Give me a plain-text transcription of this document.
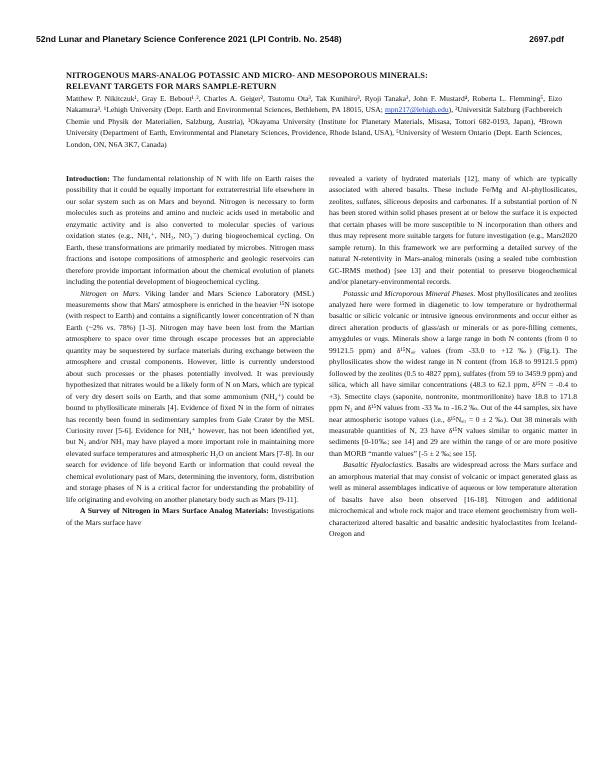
52nd Lunar and Planetary Science Conference 2021 (LPI Contrib. No. 2548)	2697.pdf
NITROGENOUS MARS-ANALOG POTASSIC AND MICRO- AND MESOPOROUS MINERALS:
RELEVANT TARGETS FOR MARS SAMPLE-RETURN
Matthew P. Nikitczuk¹, Gray E. Bebout¹˒², Charles A. Geiger², Tsutomu Ota³, Tak Kunihiro³, Ryoji Tanaka³, John F. Mustard⁴, Roberta L. Flemming⁵, Eizo Nakamura³. ¹Lehigh University (Dept. Earth and Environmental Sciences, Bethlehem, PA 18015, USA; mpn217@lehigh.edu), ²Universität Salzburg (Fachbereich Chemie und Physik der Materialien, Salzburg, Austria), ³Okayama University (Institute for Planetary Materials, Misasa, Tottori 682-0193, Japan), ⁴Brown University (Department of Earth, Environmental and Planetary Sciences, Providence, Rhode Island, USA), ⁵University of Western Ontario (Dept. Earth Sciences, London, ON, N6A 3K7, Canada)

Introduction: The fundamental relationship of N with life on Earth raises the possibility that it could be equally important for extraterrestrial life elsewhere in our solar system such as on Mars and beyond. Nitrogen is necessary to form molecules such as proteins and amino and nucleic acids used in metabolic and enzymatic activity and is also converted to molecular species of various oxidation states (e.g., NH₄⁺, NH₃, NO₃⁻) during biogeochemical cycling. On Earth, these transformations are primarily mediated by microbes. Nitrogen mass fractions and isotope compositions of atmospheric and geologic reservoirs can therefore provide important information about the chemical evolution of planets including the potential development of biogeochemical cycling.

Nitrogen on Mars. Viking lander and Mars Science Laboratory (MSL) measurements show that Mars' atmosphere is enriched in the heavier ¹⁵N isotope (with respect to Earth) and contains a significantly lower concentration of N than Earth (~2% vs. 78%) [1-3]. Nitrogen may have been lost from the Martian atmosphere to space over time through escape processes but an appreciable quantity may be sequestered by surface materials during exchange between the atmosphere and crustal components. However, little is currently understood about such processes or the phases potentially involved. It was previously hypothesized that nitrates would be a likely form of N on Mars, which are typical of very dry desert soils on Earth, and that some ammonium (NH₄⁺) could be bound to phyllosilicate minerals [4]. Evidence of fixed N in the form of nitrates has recently been found in sedimentary samples from Gale Crater by the MSL Curiosity rover [5-6]. Evidence for NH₄⁺ however, has not been identified yet, but N₂ and/or NH₃ may have played a more important role in maintaining more elevated surface temperatures and atmospheric H₂O on ancient Mars [7-8]. In our search for evidence of life beyond Earth or information that could reveal the chemical evolutionary past of Mars, determining the inventory, form, distribution and storage phases of N is a critical factor for understanding the probability of life originating and evolving on another planetary body such as Mars [9-11].

A Survey of Nitrogen in Mars Surface Analog Materials: Investigations of the Mars surface have

revealed a variety of hydrated materials [12], many of which are typically associated with altered basalts. These include Fe/Mg and Al-phyllosilicates, zeolites, sulfates, siliceous deposits and carbonates. If a substantial portion of N has been stored within solid phases present at or below the surface it is expected that certain phases will be more susceptible to N incorporation than others and thus may represent more suitable targets for future investigation (e.g., Mars2020 sample return). In this framework we are performing a detailed survey of the natural N-retentivity in Mars-analog minerals (using a sealed tube combustion GC-IRMS method) [see 13] and their potential to preserve biogeochemical and/or planetary-environmental records.

Potassic and Microporous Mineral Phases. Most phyllosilicates and zeolites analyzed here were formed in diagenetic to low temperature or hydrothermal basaltic or silicic volcanic or intrusive igneous environments and occur either as direct alteration products of glass/ash or minerals or as pore-filling cements, amygdules or vugs. Minerals show a large range in both N contents (from 0 to 99121.5 ppm) and δ¹⁵Nₐᵢᵣ values (from -33.0 to +12 ‰) (Fig.1). The phyllosilicates show the widest range in N content (from 16.8 to 99121.5 ppm) followed by the zeolites (0.5 to 4827 ppm), sulfates (from 59 to 3459.9 ppm) and silica, which all have similar concentrations (48.3 to 62.1 ppm, δ¹⁵N = -0.4 to +3). Smectite clays (saponite, nontronite, montmorillonite) have 18.8 to 171.8 ppm N₂ and δ¹⁵N values from -33 ‰ to -16.2 ‰. Out of the 44 samples, six have near atmospheric isotope values (i.e., δ¹⁵Nₐᵢᵣ = 0 ± 2 ‰). Out 38 minerals with measurable quantities of N, 23 have δ¹⁵N values similar to organic matter in sediments [0-10‰; see 14] and 29 are within the range of or are more positive than MORB “mantle values” [-5 ± 2 ‰; see 15].

Basaltic Hyaloclastics. Basalts are widespread across the Mars surface and an amorphous material that may consist of volcanic or impact generated glass as well as mineral assemblages indicative of aqueous or low temperature alteration of basalts have also been observed [16-18]. Nitrogen and additional microchemical and whole rock major and trace element geochemistry from well-characterized altered basaltic and basaltic andesitic hyaloclastites from Iceland-Oregon and
